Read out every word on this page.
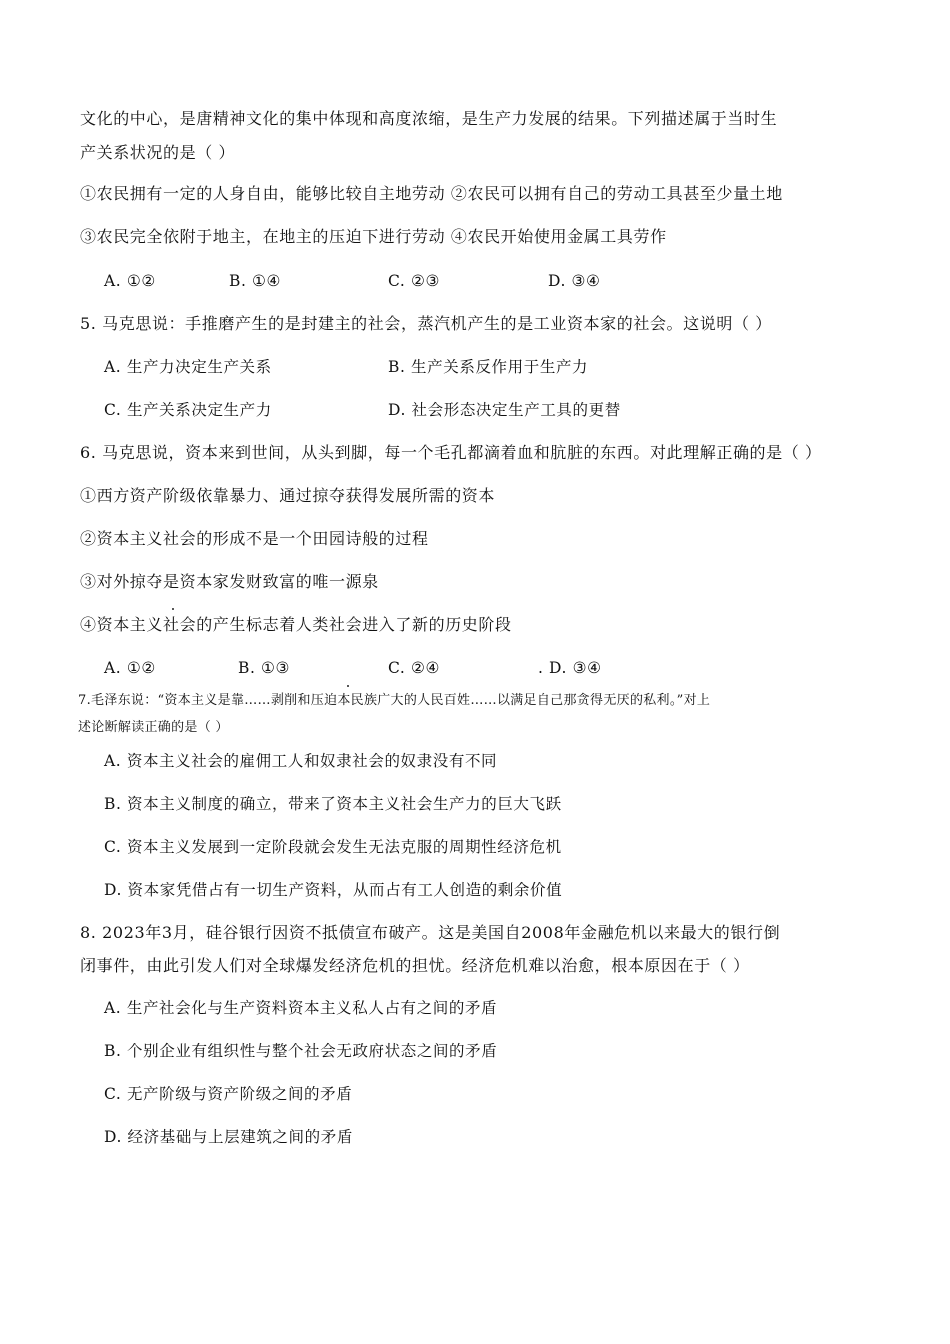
文化的中心，是唐精神文化的集中体现和高度浓缩，是生产力发展的结果。下列描述属于当时生
产关系状况的是（ ）
①农民拥有一定的人身自由，能够比较自主地劳动 ②农民可以拥有自己的劳动工具甚至少量土地
③农民完全依附于地主，在地主的压迫下进行劳动 ④农民开始使用金属工具劳作
A. ①②	B. ①④	C. ②③	D. ③④
5. 马克思说：手推磨产生的是封建主的社会，蒸汽机产生的是工业资本家的社会。这说明（ ）
A. 生产力决定生产关系	B. 生产关系反作用于生产力
C. 生产关系决定生产力	D. 社会形态决定生产工具的更替
6. 马克思说，资本来到世间，从头到脚，每一个毛孔都滴着血和肮脏的东西。对此理解正确的是（ ）
①西方资产阶级依靠暴力、通过掠夺获得发展所需的资本
②资本主义社会的形成不是一个田园诗般的过程
③对外掠夺是资本家发财致富的唯一源泉
④资本主义社会的产生标志着人类社会进入了新的历史阶段
A. ①②	B. ①③	C. ②④	. D. ③④
7.毛泽东说：“资本主义是靠……剥削和压迫本民族广大的人民百姓……以满足自己那贪得无厌的私利。”对上
述论断解读正确的是（ ）
A. 资本主义社会的雇佣工人和奴隶社会的奴隶没有不同
B. 资本主义制度的确立，带来了资本主义社会生产力的巨大飞跃
C. 资本主义发展到一定阶段就会发生无法克服的周期性经济危机
D. 资本家凭借占有一切生产资料，从而占有工人创造的剩余价值
8. 2023年3月，硅谷银行因资不抵债宣布破产。这是美国自2008年金融危机以来最大的银行倒
闭事件，由此引发人们对全球爆发经济危机的担忧。经济危机难以治愈，根本原因在于（ ）
A. 生产社会化与生产资料资本主义私人占有之间的矛盾
B. 个别企业有组织性与整个社会无政府状态之间的矛盾
C. 无产阶级与资产阶级之间的矛盾
D. 经济基础与上层建筑之间的矛盾
